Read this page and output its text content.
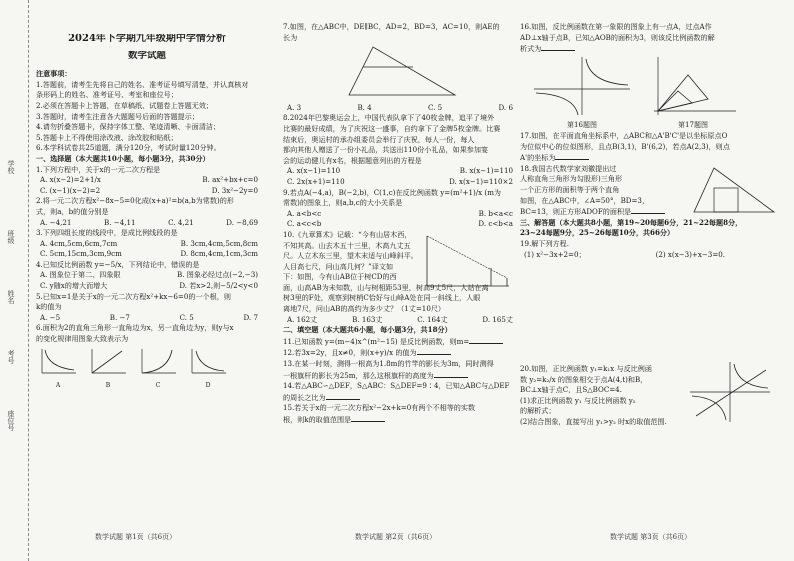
学校
班级
姓名
考号
座位号

2024年下学期九年级期中学情分析

数学试题

注意事项：

1.答题前，请考生先将自己的姓名、准考证号填写清楚，并认真核对

条形码上的姓名、准考证号、考室和座位号；

2.必须在答题卡上答题，在草稿纸、试题卷上答题无效；

3.答题时，请考生注意各大题题号后面的答题提示；

4.请勿折叠答题卡，保持字体工整、笔迹清晰、卡面清洁；

5.答题卡上不得使用涂改液、涂改胶和贴纸；

6.本学科试卷共25道题，满分120分，考试时量120分钟。

一、选择题（本大题共10小题，每小题3分，共30分）

1.下列方程中，关于x的一元二次方程是

A. x(x−2)=2+1/x	B. ax²+bx+c=0

C. (x−1)(x−2)=2	D. 3x²−2y=0

2.将一元二次方程x²−8x−5=0化成(x+a)²=b(a,b为常数)的形

式，则a，b的值分别是

A. −4,21	B. −4,11	C. 4,21	D. −8,69

3.下列四组长度的线段中，是成比例线段的是

A. 4cm,5cm,6cm,7cm	B. 3cm,4cm,5cm,8cm

C. 5cm,15cm,3cm,9cm	D. 8cm,4cm,1cm,3cm

4.已知反比例函数 y=−5/x，下列结论中，错误的是

A. 图象位于第二、四象限	B. 图象必经过点(−2,−3)

C. y随x的增大而增大	D. 若x>2,则−5/2<y<0

5.已知x=1是关于x的一元二次方程x²+kx−6=0的一个根，则

k的值为

A. −5	B. −7	C. 5	D. 7

6.面积为2的直角三角形一直角边为x，另一直角边为y，则y与x

的变化规律用图象大致表示为

A	B	C	D
数学试题 第1页（共6页）

7.如图，在△ABC中，DE∥BC，AD=2，BD=3，AC=10，则AE的

长为

A. 3	B. 4	C. 5	D. 6

8.2024年巴黎奥运会上，中国代表队拿下了40枚金牌，追平了境外

比赛的最好成绩，为了庆祝这一盛事，自约拿下了金牌5枚金牌。比赛

结束后，奥运村的承办组委员会举行了庆祝，每人一份，每人

都向其他人赠送了一份小礼品，共送出110份小礼品，如果参加宴

会的运动健儿有x名，根据题意列出的方程是

A. x(x−1)=110	B. x(x−1)=110

C. 2x(x+1)=110	D. x(x−1)=110×2

9.若点A(−4,a)，B(−2,b)，C(1,c)在反比例函数 y=(m²+1)/x (m为

常数)的图象上，则a,b,c的大小关系是

A. a<b<c	B. b<a<c

C. a<c<b	D. c<b<a

10.《九章算术》记载：“今有山居木西，

不知其高。山去木五十三里，木高九丈五

尺。人立木东三里，望木末适与山峰斜平。

人目高七尺，问山高几何？”译文如

下：如图，今有山AB位于树CD的西

面，山高AB为未知数，山与树相距53里，树高9丈5尺，人站在离

树3里的F处，观察到树梢C恰好与山峰A处在同一斜线上，人眼

离地7尺，问山AB的高约为多少丈？（1丈=10尺）

A. 162丈	B. 163丈	C. 164丈	D. 165丈

二、填空题（本大题共6小题，每小题3分，共18分）

11.已知函数 y=(m−4)x^(m²−15) 是反比例函数，则m=

12.若3x=2y，且x≠0，则(x+y)/x 的值为

13.在某一时刻，测得一根高为1.8m的竹竿的影长为3m，同时测得

一根旗杆的影长为25m，那么这根旗杆的高度为

14.若△ABC∽△DEF，S△ABC：S△DEF=9∶4，已知△ABC与△DEF

的周长之比为

15.若关于x的一元二次方程x²−2x+k=0有两个不相等的实数

根，则k的取值范围是

数学试题 第2页（共6页）

16.如图，反比例函数在第一象限的图象上有一点A，过点A作

AD⊥x轴于点B，已知△AOB的面积为3，则该反比例函数的解

析式为

第16题图	第17题图

17.如图，在平面直角坐标系中，△ABC和△A'B'C'是以坐标原点O

为位似中心的位似图形，且点B(3,1)，B'(6,2)，若点A(2,3)，则点

A'的坐标为

18.我国古代数学家刘徽提出过

人称直角三角形为勾股形)三角形

一个正方形的面积等于两个直角

如图，在△ABC中，∠A=50°，BD=3，

BC=13，则正方形ADOF的面积是

三、解答题（本大题共8小题，第19~20每题6分，21~22每题8分，

23~24每题9分，25~26每题10分，共66分）

19.解下列方程.

(1) x²−3x+2=0；	(2) x(x−3)+x−3=0.

20.如图，正比例函数 y₁=k₁x 与反比例函

数 y₂=k₂/x 的图象相交于点A(4,t)和B，

BC⊥x轴于点C，且S△BOC=4.

(1)求正比例函数 y₁ 与反比例函数 y₂

的解析式；

(2)结合图象，直接写出 y₁>y₂ 时x的取值范围.

数学试题 第3页（共6页）
